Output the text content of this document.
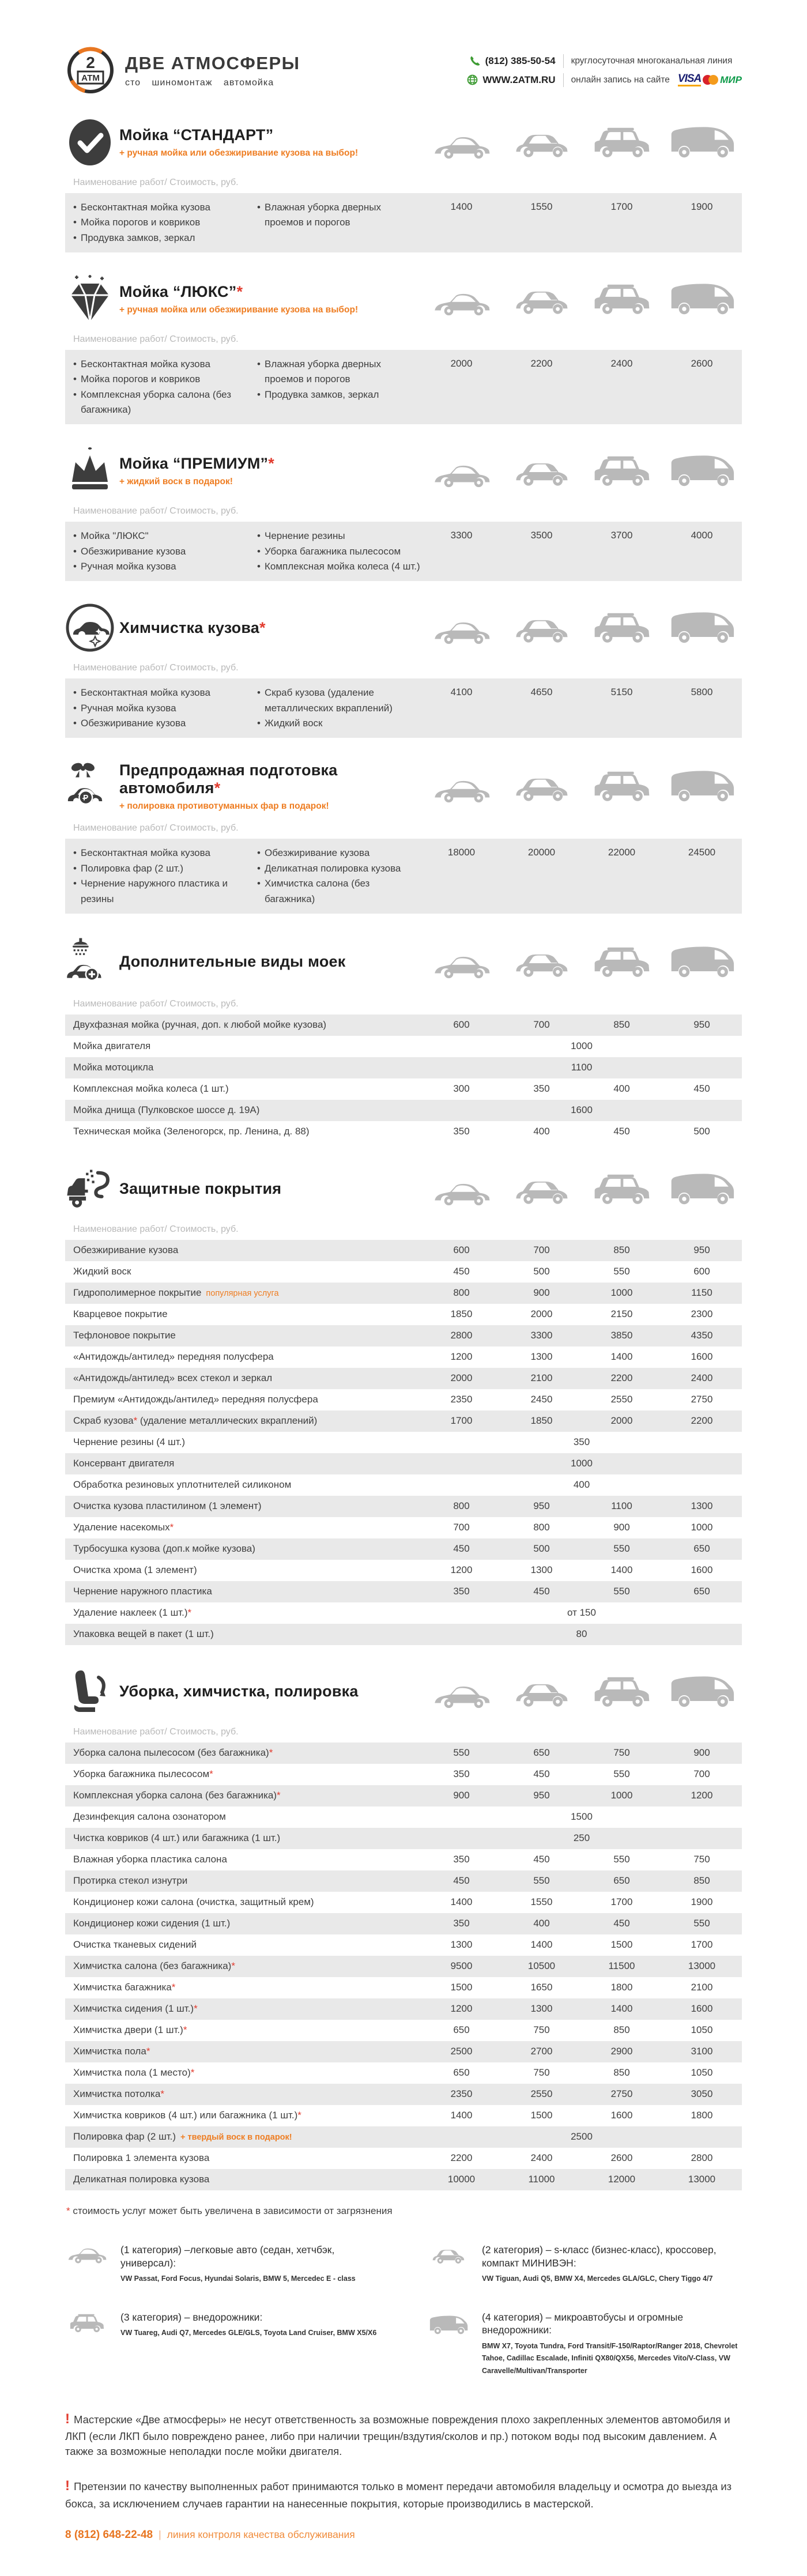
2
АТМ
ДВЕ АТМОСФЕРЫ
сто шиномонтаж автомойка
(812) 385-50-54	круглосуточная многоканальная линия
WWW.2ATM.RU онлайн запись на сайте VISA МИР
Мойка “СТАНДАРТ”
+ ручная мойка или обезжиривание кузова на выбор!
Наименование работ/ Стоимость, руб.
• Бесконтактная мойка кузова
• Мойка порогов и ковриков
• Продувка замков, зеркал
• Влажная уборка дверных проемов и порогов
1400	1550	1700	1900
Мойка “ЛЮКС”*
+ ручная мойка или обезжиривание кузова на выбор!
Наименование работ/ Стоимость, руб.
• Бесконтактная мойка кузова
• Мойка порогов и ковриков
• Комплексная уборка салона (без багажника)
• Влажная уборка дверных проемов и порогов
• Продувка замков, зеркал
2000	2200	2400	2600
Мойка “ПРЕМИУМ”*
+ жидкий воск в подарок!
Наименование работ/ Стоимость, руб.
• Мойка "ЛЮКС"
• Обезжиривание кузова
• Ручная мойка кузова
• Чернение резины
• Уборка багажника пылесосом
• Комплексная мойка колеса (4 шт.)
3300	3500	3700	4000
Химчистка кузова*
Наименование работ/ Стоимость, руб.
• Бесконтактная мойка кузова
• Ручная мойка кузова
• Обезжиривание кузова
• Скраб кузова (удаление металлических вкраплений)
• Жидкий воск
4100	4650	5150	5800
Предпродажная подготовка автомобиля*
+ полировка противотуманных фар в подарок!
Наименование работ/ Стоимость, руб.
• Бесконтактная мойка кузова
• Полировка фар (2 шт.)
• Чернение наружного пластика и резины
• Обезжиривание кузова
• Деликатная полировка кузова
• Химчистка салона (без багажника)
18000	20000	22000	24500
Дополнительные виды моек
Наименование работ/ Стоимость, руб.
Двухфазная мойка (ручная, доп. к любой мойке кузова)	600	700	850	950
Мойка двигателя	1000
Мойка мотоцикла	1100
Комплексная мойка колеса (1 шт.)	300	350	400	450
Мойка днища (Пулковское шоссе д. 19А)	1600
Техническая мойка (Зеленогорск, пр. Ленина, д. 88)	350	400	450	500
Защитные покрытия
Наименование работ/ Стоимость, руб.
Обезжиривание кузова	600	700	850	950
Жидкий воск	450	500	550	600
Гидрополимерное покрытие популярная услуга	800	900	1000	1150
Кварцевое покрытие	1850	2000	2150	2300
Тефлоновое покрытие	2800	3300	3850	4350
«Антидождь/антилед» передняя полусфера	1200	1300	1400	1600
«Антидождь/антилед» всех стекол и зеркал	2000	2100	2200	2400
Премиум «Антидождь/антилед» передняя полусфера	2350	2450	2550	2750
Скраб кузова* (удаление металлических вкраплений)	1700	1850	2000	2200
Чернение резины (4 шт.)	350
Консервант двигателя	1000
Обработка резиновых уплотнителей силиконом	400
Очистка кузова пластилином (1 элемент)	800	950	1100	1300
Удаление насекомых*	700	800	900	1000
Турбосушка кузова (доп.к мойке кузова)	450	500	550	650
Очистка хрома (1 элемент)	1200	1300	1400	1600
Чернение наружного пластика	350	450	550	650
Удаление наклеек (1 шт.)*	от 150
Упаковка вещей в пакет (1 шт.)	80
Уборка, химчистка, полировка
Наименование работ/ Стоимость, руб.
Уборка салона пылесосом (без багажника)*	550	650	750	900
Уборка багажника пылесосом*	350	450	550	700
Комплексная уборка салона (без багажника)*	900	950	1000	1200
Дезинфекция салона озонатором	1500
Чистка ковриков (4 шт.) или багажника (1 шт.)	250
Влажная уборка пластика салона	350	450	550	750
Протирка стекол изнутри	450	550	650	850
Кондиционер кожи салона (очистка, защитный крем)	1400	1550	1700	1900
Кондиционер кожи сидения (1 шт.)	350	400	450	550
Очистка тканевых сидений	1300	1400	1500	1700
Химчистка салона (без багажника)*	9500	10500	11500	13000
Химчистка багажника*	1500	1650	1800	2100
Химчистка сидения (1 шт.)*	1200	1300	1400	1600
Химчистка двери (1 шт.)*	650	750	850	1050
Химчистка пола*	2500	2700	2900	3100
Химчистка пола (1 место)*	650	750	850	1050
Химчистка потолка*	2350	2550	2750	3050
Химчистка ковриков (4 шт.) или багажника (1 шт.)*	1400	1500	1600	1800
Полировка фар (2 шт.) + твердый воск в подарок!	2500
Полировка 1 элемента кузова	2200	2400	2600	2800
Деликатная полировка кузова	10000	11000	12000	13000
* стоимость услуг может быть увеличена в зависимости от загрязнения
(1 категория) –легковые авто (седан, хетчбэк, универсал):
VW Passat, Ford Focus, Hyundai Solaris, BMW 5, Mercedec E - class
(2 категория) – s-класс (бизнес-класс), кроссовер, компакт МИНИВЭН:
VW Tiguan, Audi Q5, BMW X4, Mercedes GLA/GLC, Chery Tiggo 4/7
(3 категория) – внедорожники:
VW Tuareg, Audi Q7, Mercedes GLE/GLS, Toyota Land Cruiser, BMW X5/X6
(4 категория) – микроавтобусы и огромные внедорожники:
BMW X7, Toyota Tundra, Ford Transit/F-150/Raptor/Ranger 2018, Chevrolet Tahoe, Cadillac Escalade, Infiniti QX80/QX56, Mercedes Vito/V-Class, VW Caravelle/Multivan/Transporter

! Мастерские «Две атмосферы» не несут ответственность за возможные повреждения плохо закрепленных элементов автомобиля и ЛКП (если ЛКП было повреждено ранее, либо при наличии трещин/вздутия/сколов и пр.) потоком воды под высоким давлением. А также за возможные неполадки после мойки двигателя.

! Претензии по качеству выполненных работ принимаются только в момент передачи автомобиля владельцу и осмотра до выезда из бокса, за исключением случаев гарантии на нанесенные покрытия, которые производились в мастерской.

8 (812) 648-22-48 | линия контроля качества обслуживания
